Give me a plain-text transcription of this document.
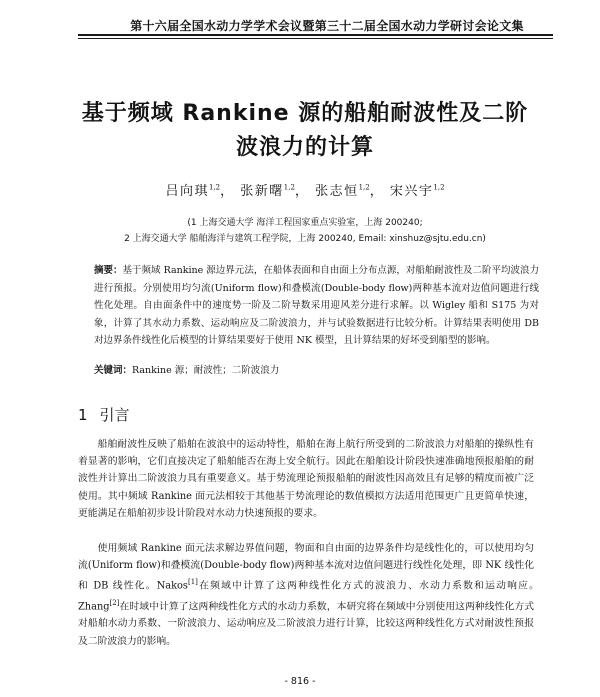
第十六届全国水动力学学术会议暨第三十二届全国水动力学研讨会论文集
基于频域 Rankine 源的船舶耐波性及二阶
波浪力的计算
吕向琪$^{1,2}$， 张新曙$^{1,2}$， 张志恒$^{1,2}$， 宋兴宇$^{1,2}$
(1 上海交通大学 海洋工程国家重点实验室，上海 200240;
2 上海交通大学 船舶海洋与建筑工程学院，上海 200240, Email: xinshuz@sjtu.edu.cn)
摘要：基于频域 Rankine 源边界元法，在船体表面和自由面上分布点源，对船舶耐波性及二阶平均波浪力进行预报。分别使用均匀流(Uniform flow)和叠模流(Double-body flow)两种基本流对边值问题进行线性化处理。自由面条件中的速度势一阶及二阶导数采用迎风差分进行求解。以 Wigley 船和 S175 为对象，计算了其水动力系数、运动响应及二阶波浪力，并与试验数据进行比较分析。计算结果表明使用 DB 对边界条件线性化后模型的计算结果要好于使用 NK 模型，且计算结果的好坏受到船型的影响。
关键词：Rankine 源；耐波性；二阶波浪力
1 引言

船舶耐波性反映了船舶在波浪中的运动特性，船舶在海上航行所受到的二阶波浪力对船舶的操纵性有着显著的影响，它们直接决定了船舶能否在海上安全航行。因此在船舶设计阶段快速准确地预报船舶的耐波性并计算出二阶波浪力具有重要意义。基于势流理论预报船舶的耐波性因高效且有足够的精度而被广泛使用。其中频域 Rankine 面元法相较于其他基于势流理论的数值模拟方法适用范围更广且更简单快速，更能满足在船舶初步设计阶段对水动力快速预报的要求。

使用频域 Rankine 面元法求解边界值问题，物面和自由面的边界条件均是线性化的，可以使用均匀流(Uniform flow)和叠模流(Double-body flow)两种基本流对边值问题进行线性化处理，即 NK 线性化和 DB 线性化。Nakos[1]在频域中计算了这两种线性化方式的波浪力、水动力系数和运动响应。　Zhang[2]在时域中计算了这两种线性化方式的水动力系数，本研究将在频域中分别使用这两种线性化方式对船舶水动力系数、一阶波浪力、运动响应及二阶波浪力进行计算，比较这两种线性化方式对耐波性预报及二阶波浪力的影响。

- 816 -
